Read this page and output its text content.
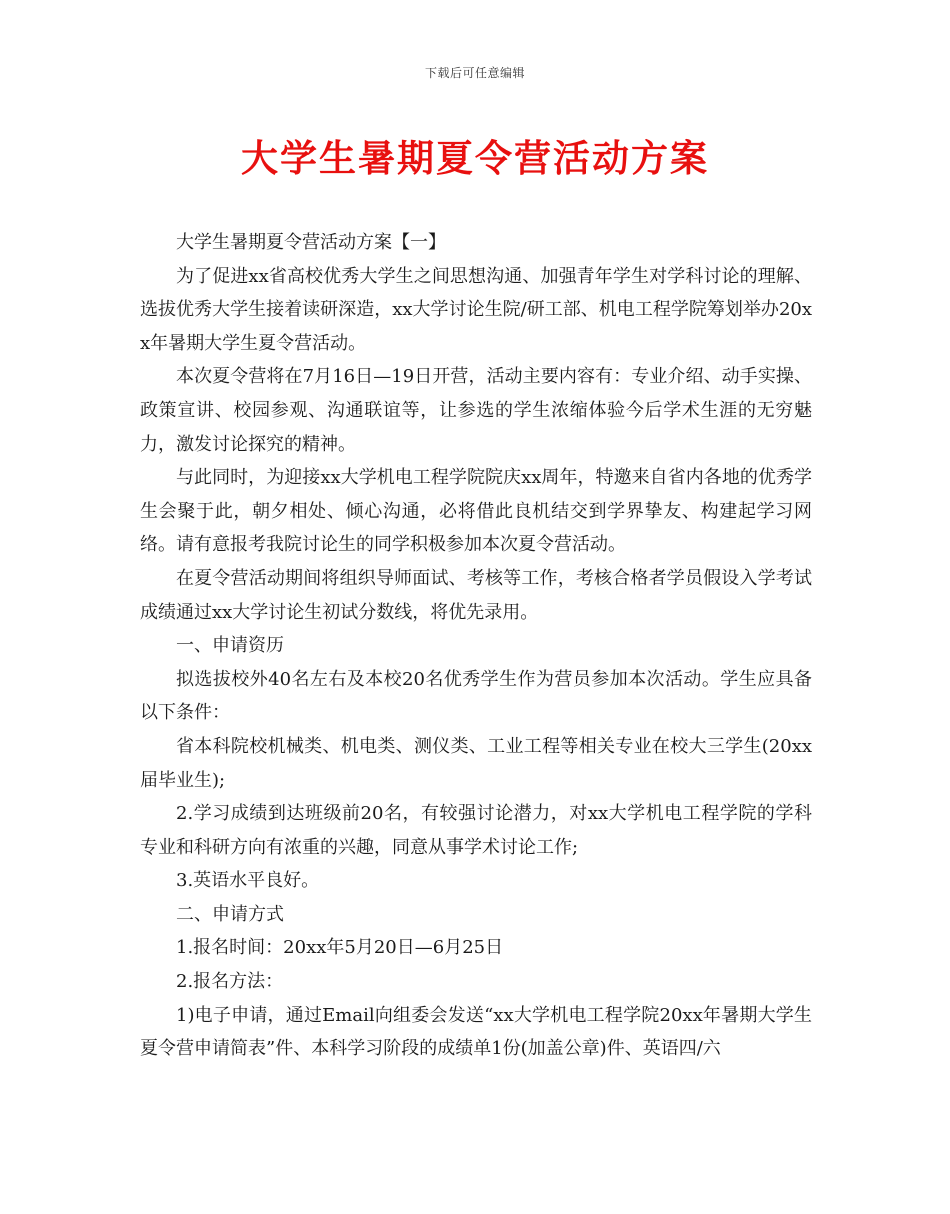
下载后可任意编辑
大学生暑期夏令营活动方案

大学生暑期夏令营活动方案【一】

为了促进xx省高校优秀大学生之间思想沟通、加强青年学生对学科讨论的理解、选拔优秀大学生接着读研深造，xx大学讨论生院/研工部、机电工程学院筹划举办20xx年暑期大学生夏令营活动。

本次夏令营将在7月16日—19日开营，活动主要内容有：专业介绍、动手实操、政策宣讲、校园参观、沟通联谊等，让参选的学生浓缩体验今后学术生涯的无穷魅力，激发讨论探究的精神。

与此同时，为迎接xx大学机电工程学院院庆xx周年，特邀来自省内各地的优秀学生会聚于此，朝夕相处、倾心沟通，必将借此良机结交到学界挚友、构建起学习网络。请有意报考我院讨论生的同学积极参加本次夏令营活动。

在夏令营活动期间将组织导师面试、考核等工作，考核合格者学员假设入学考试成绩通过xx大学讨论生初试分数线，将优先录用。

一、申请资历

拟选拔校外40名左右及本校20名优秀学生作为营员参加本次活动。学生应具备以下条件：

省本科院校机械类、机电类、测仪类、工业工程等相关专业在校大三学生(20xx届毕业生);

2.学习成绩到达班级前20名，有较强讨论潜力，对xx大学机电工程学院的学科专业和科研方向有浓重的兴趣，同意从事学术讨论工作;

3.英语水平良好。

二、申请方式

1.报名时间：20xx年5月20日—6月25日

2.报名方法：

1)电子申请，通过Email向组委会发送“xx大学机电工程学院20xx年暑期大学生夏令营申请简表”件、本科学习阶段的成绩单1份(加盖公章)件、英语四/六
